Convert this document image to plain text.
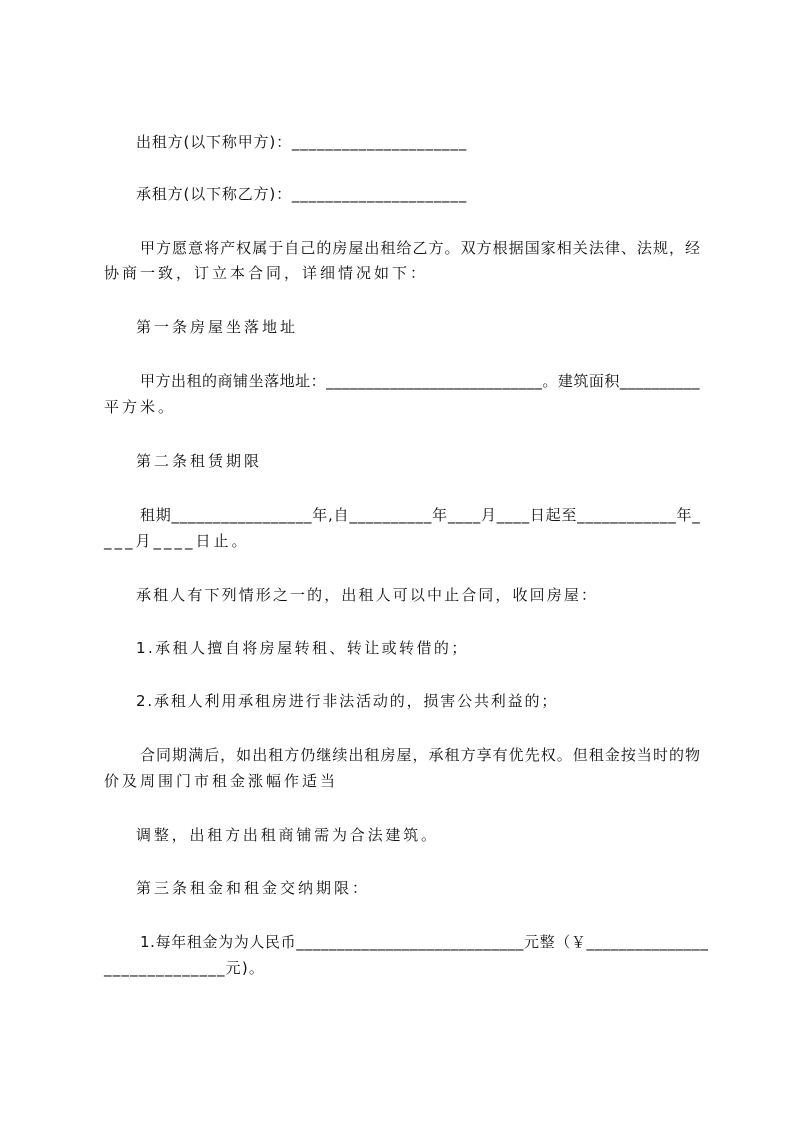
出租方(以下称甲方)：_____________________
承租方(以下称乙方)：_____________________
甲方愿意将产权属于自己的房屋出租给乙方。双方根据国家相关法律、法规，经
协商一致，订立本合同，详细情况如下：
第一条房屋坐落地址
甲方出租的商铺坐落地址：___________________________。建筑面积__________
平方米。
第二条租赁期限
租期_________________年,自__________年____月____日起至____________年_
___月____日止。
承租人有下列情形之一的，出租人可以中止合同，收回房屋：
1.承租人擅自将房屋转租、转让或转借的；
2.承租人利用承租房进行非法活动的，损害公共利益的；
合同期满后，如出租方仍继续出租房屋，承租方享有优先权。但租金按当时的物
价及周围门市租金涨幅作适当
调整，出租方出租商铺需为合法建筑。
第三条租金和租金交纳期限：
1.每年租金为为人民币____________________________元整（￥_______________
______________元)。
